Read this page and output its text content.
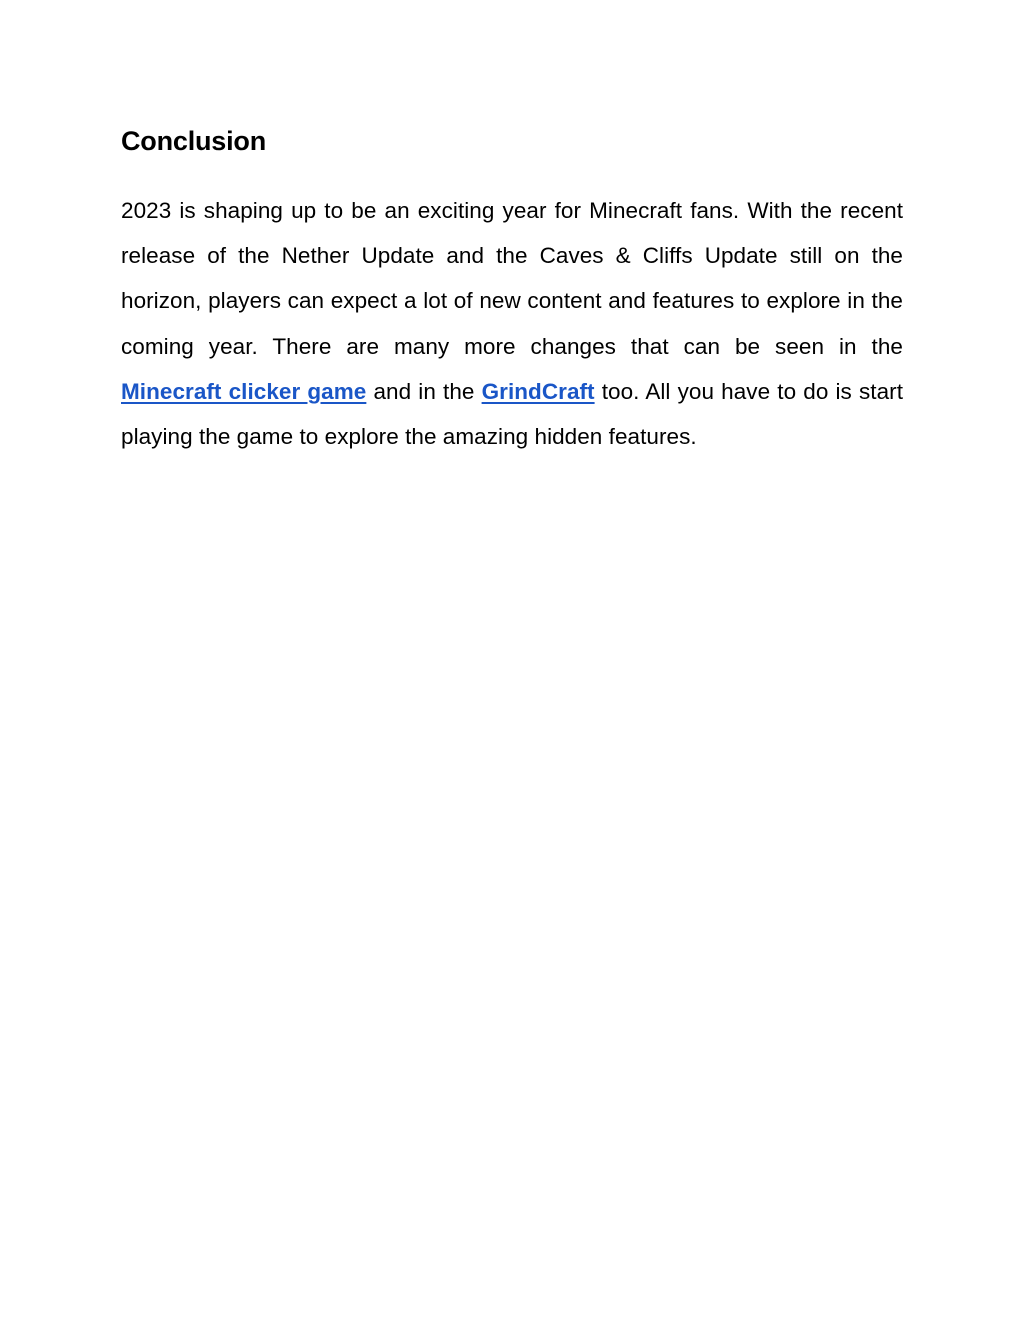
Conclusion

2023 is shaping up to be an exciting year for Minecraft fans. With the recent release of the Nether Update and the Caves & Cliffs Update still on the horizon, players can expect a lot of new content and features to explore in the coming year. There are many more changes that can be seen in the Minecraft clicker game and in the GrindCraft too. All you have to do is start playing the game to explore the amazing hidden features.
